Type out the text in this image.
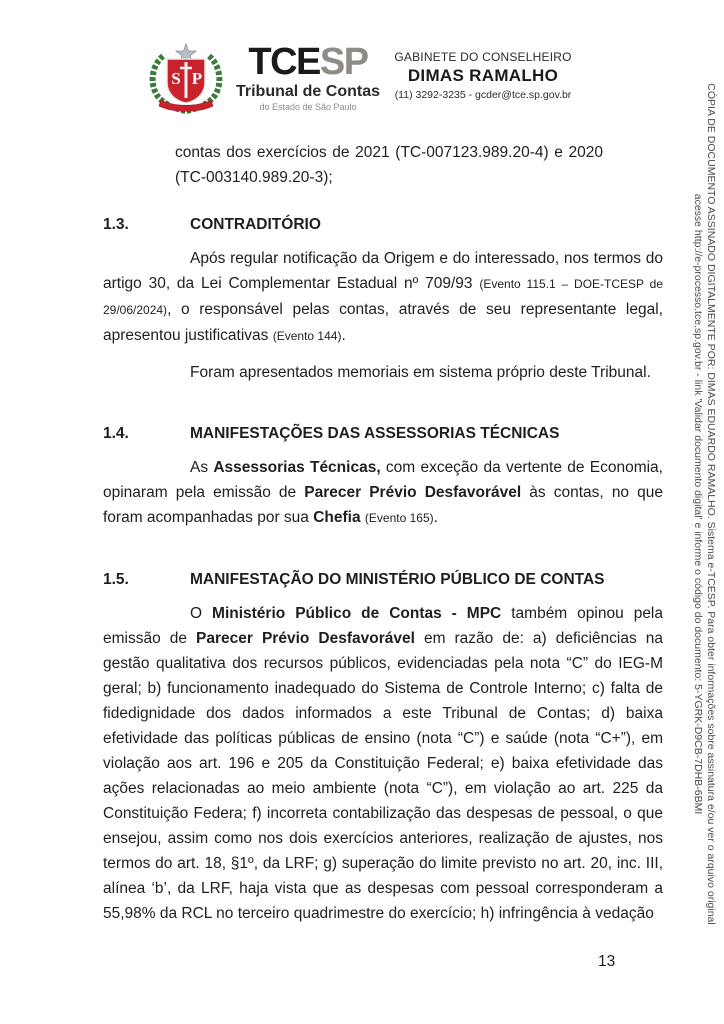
S P	TCESP
Tribunal de Contas
do Estado de São Paulo
GABINETE DO CONSELHEIRO
DIMAS RAMALHO
(11) 3292-3235 - gcder@tce.sp.gov.br	CÓPIA DE DOCUMENTO ASSINADO DIGITALMENTE POR: DIMAS EDUARDO RAMALHO. Sistema e-TCESP. Para obter informações sobre assinatura e/ou ver o arquivo original
acesse http://e-processo.tce.sp.gov.br - link 'Validar documento digital' e informe o código do documento: 5-YGRK-D9CB-7DHB-6BMI

contas dos exercícios de 2021 (TC-007123.989.20-4) e 2020 (TC-003140.989.20-3);

1.3.	CONTRADITÓRIO

Após regular notificação da Origem e do interessado, nos termos do artigo 30, da Lei Complementar Estadual nº 709/93 (Evento 115.1 – DOE-TCESP de 29/06/2024), o responsável pelas contas, através de seu representante legal, apresentou justificativas (Evento 144).

Foram apresentados memoriais em sistema próprio deste Tribunal.

1.4.	MANIFESTAÇÕES DAS ASSESSORIAS TÉCNICAS

As Assessorias Técnicas, com exceção da vertente de Economia, opinaram pela emissão de Parecer Prévio Desfavorável às contas, no que foram acompanhadas por sua Chefia (Evento 165).

1.5.	MANIFESTAÇÃO DO MINISTÉRIO PÚBLICO DE CONTAS

O Ministério Público de Contas - MPC também opinou pela emissão de Parecer Prévio Desfavorável em razão de: a) deficiências na gestão qualitativa dos recursos públicos, evidenciadas pela nota “C” do IEG-M geral; b) funcionamento inadequado do Sistema de Controle Interno; c) falta de fidedignidade dos dados informados a este Tribunal de Contas; d) baixa efetividade das políticas públicas de ensino (nota “C”) e saúde (nota “C+”), em violação aos art. 196 e 205 da Constituição Federal; e) baixa efetividade das ações relacionadas ao meio ambiente (nota “C”), em violação ao art. 225 da Constituição Federa; f) incorreta contabilização das despesas de pessoal, o que ensejou, assim como nos dois exercícios anteriores, realização de ajustes, nos termos do art. 18, §1º, da LRF; g) superação do limite previsto no art. 20, inc. III, alínea ‘b’, da LRF, haja vista que as despesas com pessoal corresponderam a 55,98% da RCL no terceiro quadrimestre do exercício; h) infringência à vedação

13
